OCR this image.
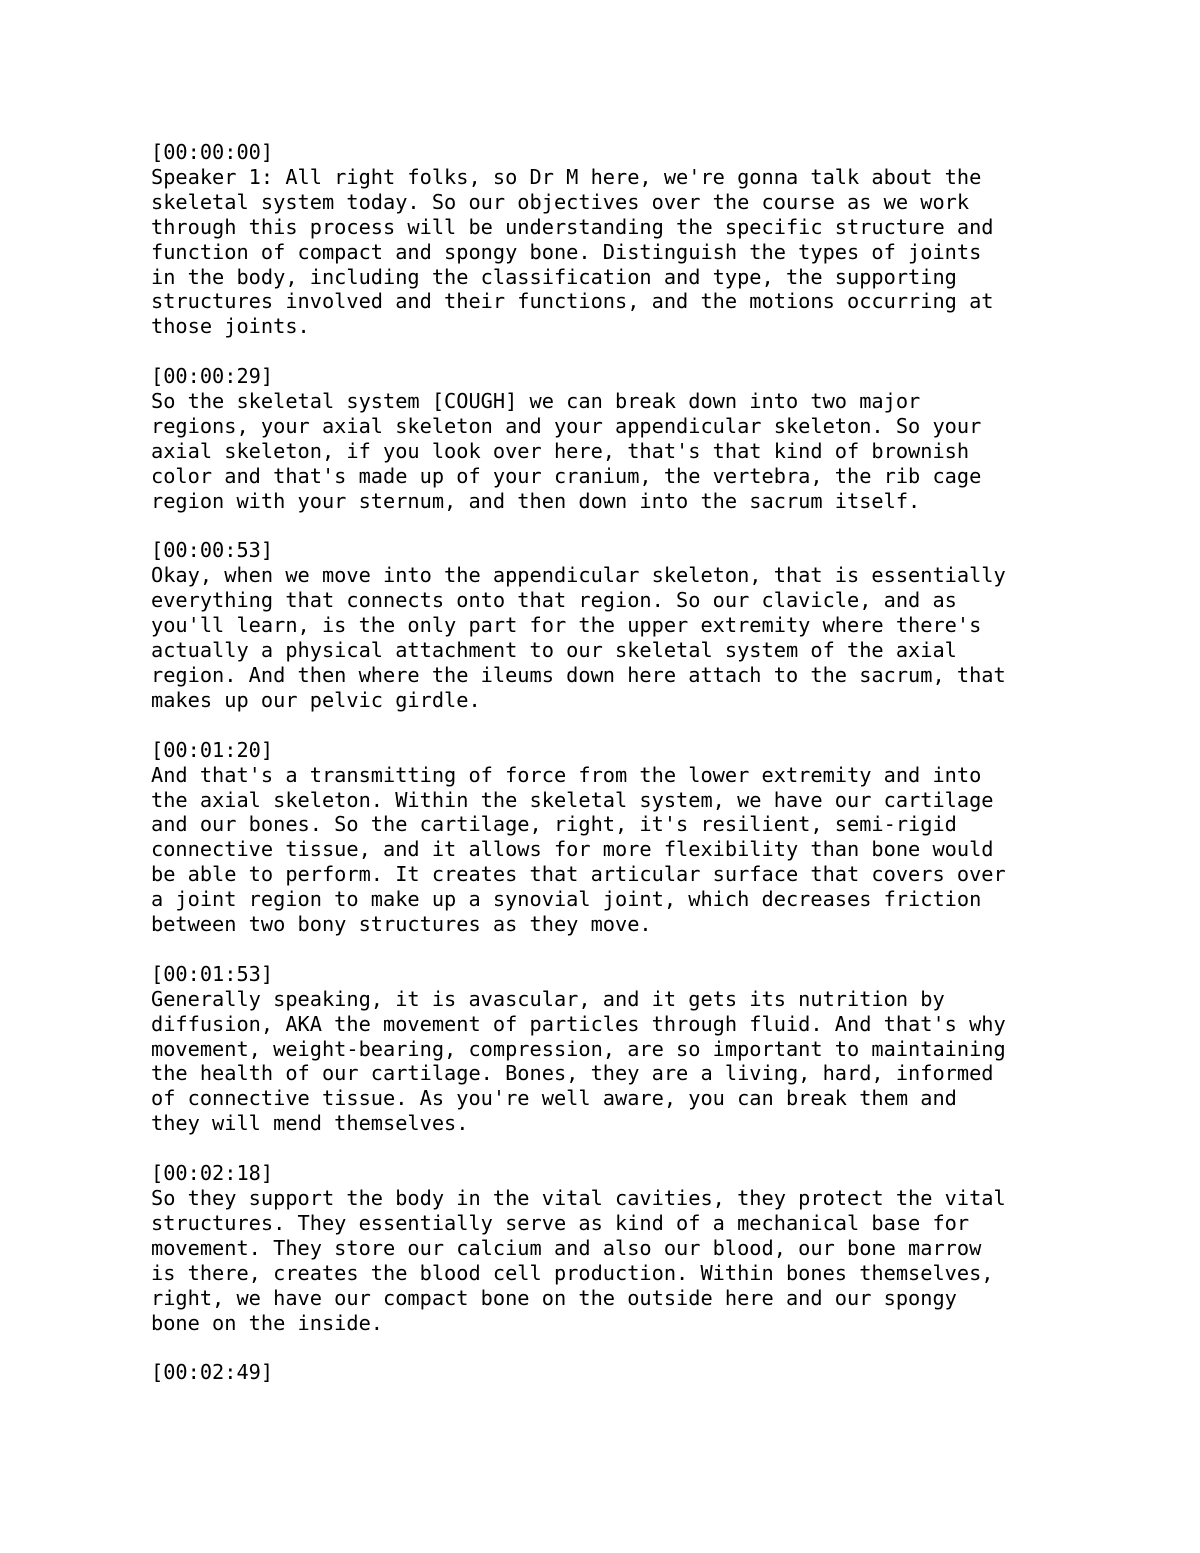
[00:00:00]
Speaker 1: All right folks, so Dr M here, we're gonna talk about the
skeletal system today. So our objectives over the course as we work
through this process will be understanding the specific structure and
function of compact and spongy bone. Distinguish the types of joints
in the body, including the classification and type, the supporting
structures involved and their functions, and the motions occurring at
those joints.
[00:00:29]
So the skeletal system [COUGH] we can break down into two major
regions, your axial skeleton and your appendicular skeleton. So your
axial skeleton, if you look over here, that's that kind of brownish
color and that's made up of your cranium, the vertebra, the rib cage
region with your sternum, and then down into the sacrum itself.
[00:00:53]
Okay, when we move into the appendicular skeleton, that is essentially
everything that connects onto that region. So our clavicle, and as
you'll learn, is the only part for the upper extremity where there's
actually a physical attachment to our skeletal system of the axial
region. And then where the ileums down here attach to the sacrum, that
makes up our pelvic girdle.
[00:01:20]
And that's a transmitting of force from the lower extremity and into
the axial skeleton. Within the skeletal system, we have our cartilage
and our bones. So the cartilage, right, it's resilient, semi-rigid
connective tissue, and it allows for more flexibility than bone would
be able to perform. It creates that articular surface that covers over
a joint region to make up a synovial joint, which decreases friction
between two bony structures as they move.
[00:01:53]
Generally speaking, it is avascular, and it gets its nutrition by
diffusion, AKA the movement of particles through fluid. And that's why
movement, weight-bearing, compression, are so important to maintaining
the health of our cartilage. Bones, they are a living, hard, informed
of connective tissue. As you're well aware, you can break them and
they will mend themselves.
[00:02:18]
So they support the body in the vital cavities, they protect the vital
structures. They essentially serve as kind of a mechanical base for
movement. They store our calcium and also our blood, our bone marrow
is there, creates the blood cell production. Within bones themselves,
right, we have our compact bone on the outside here and our spongy
bone on the inside.
[00:02:49]
